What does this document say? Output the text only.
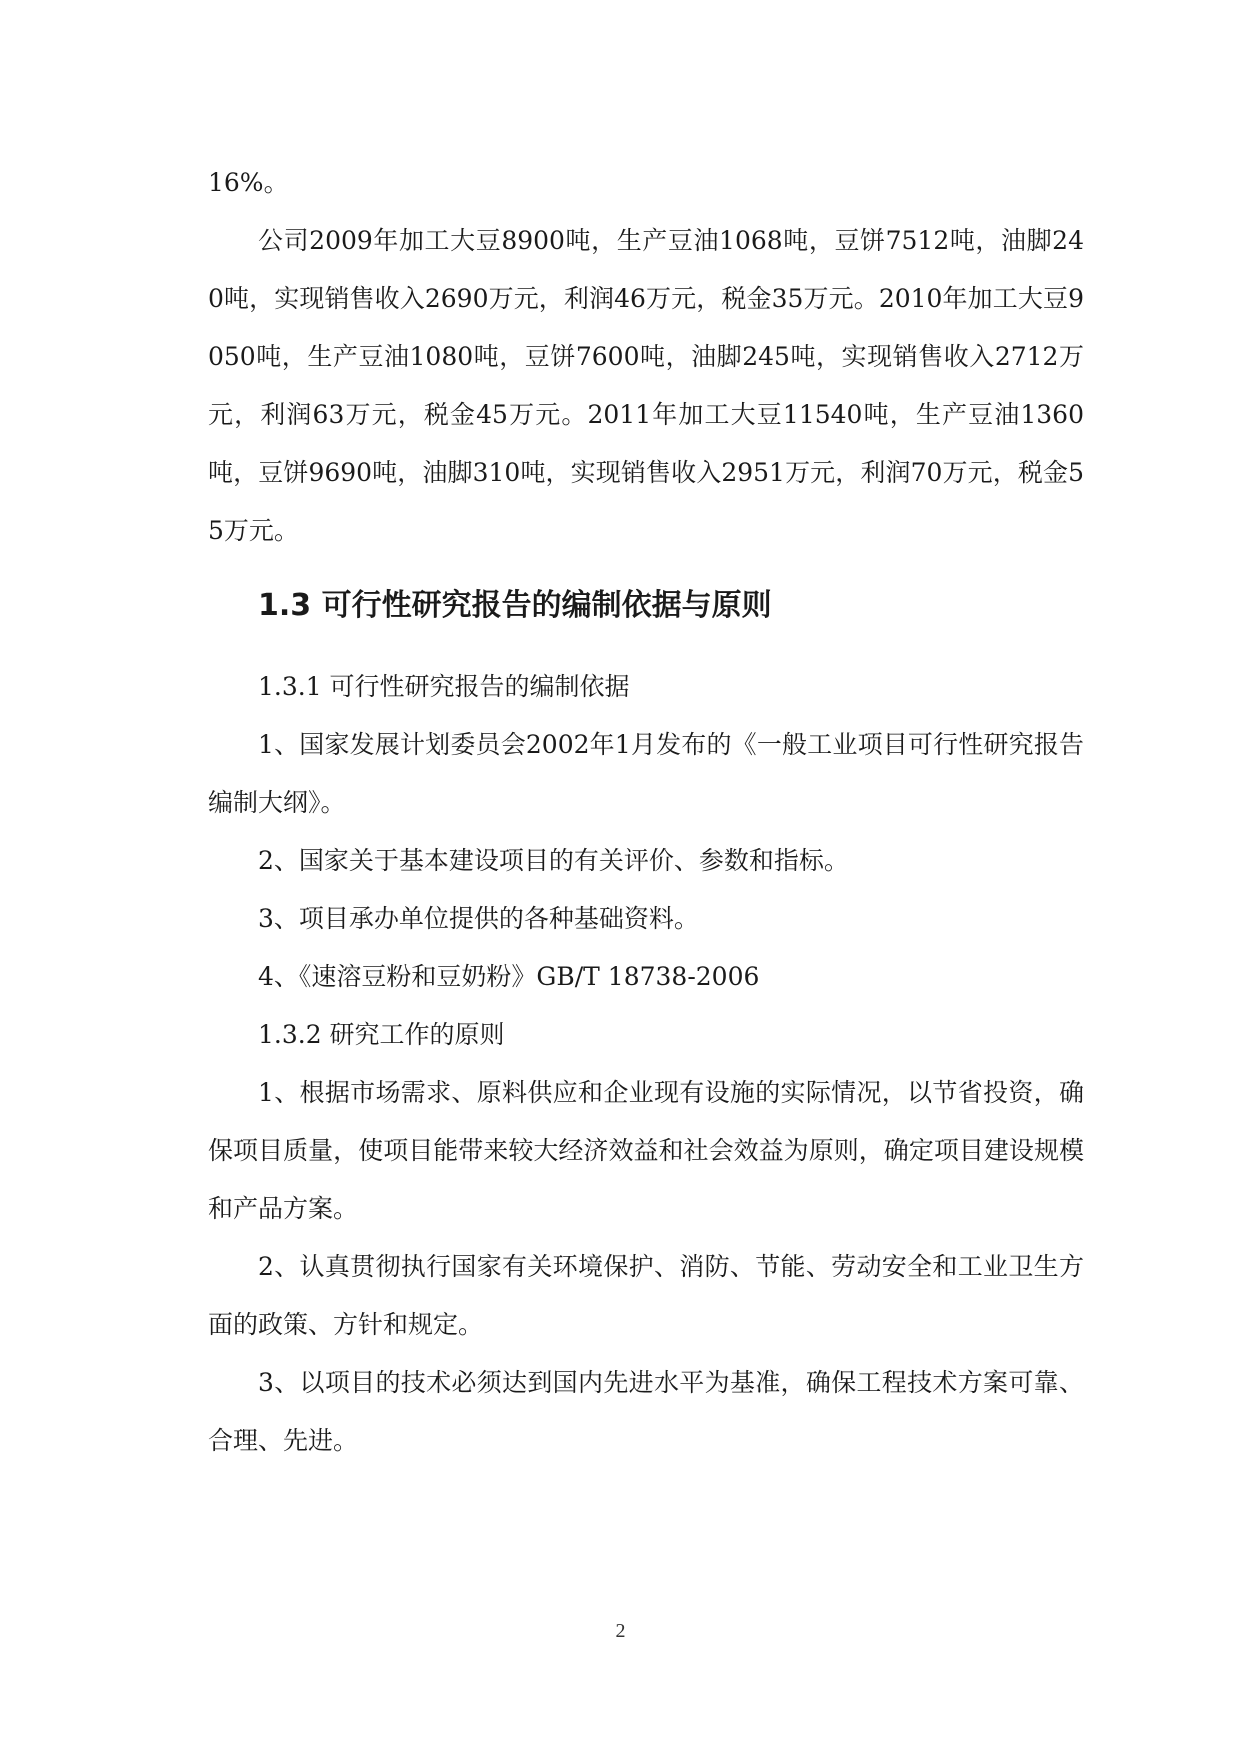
16%。

公司2009年加工大豆8900吨，生产豆油1068吨，豆饼7512吨，油脚240吨，实现销售收入2690万元，利润46万元，税金35万元。2010年加工大豆9050吨，生产豆油1080吨，豆饼7600吨，油脚245吨，实现销售收入2712万元，利润63万元，税金45万元。2011年加工大豆11540吨，生产豆油1360吨，豆饼9690吨，油脚310吨，实现销售收入2951万元，利润70万元，税金55万元。

1.3 可行性研究报告的编制依据与原则

1.3.1 可行性研究报告的编制依据

1、国家发展计划委员会2002年1月发布的《一般工业项目可行性研究报告编制大纲》。

2、国家关于基本建设项目的有关评价、参数和指标。

3、项目承办单位提供的各种基础资料。

4、《速溶豆粉和豆奶粉》GB/T 18738-2006

1.3.2 研究工作的原则

1、根据市场需求、原料供应和企业现有设施的实际情况，以节省投资，确保项目质量，使项目能带来较大经济效益和社会效益为原则，确定项目建设规模和产品方案。

2、认真贯彻执行国家有关环境保护、消防、节能、劳动安全和工业卫生方面的政策、方针和规定。

3、以项目的技术必须达到国内先进水平为基准，确保工程技术方案可靠、合理、先进。

2
